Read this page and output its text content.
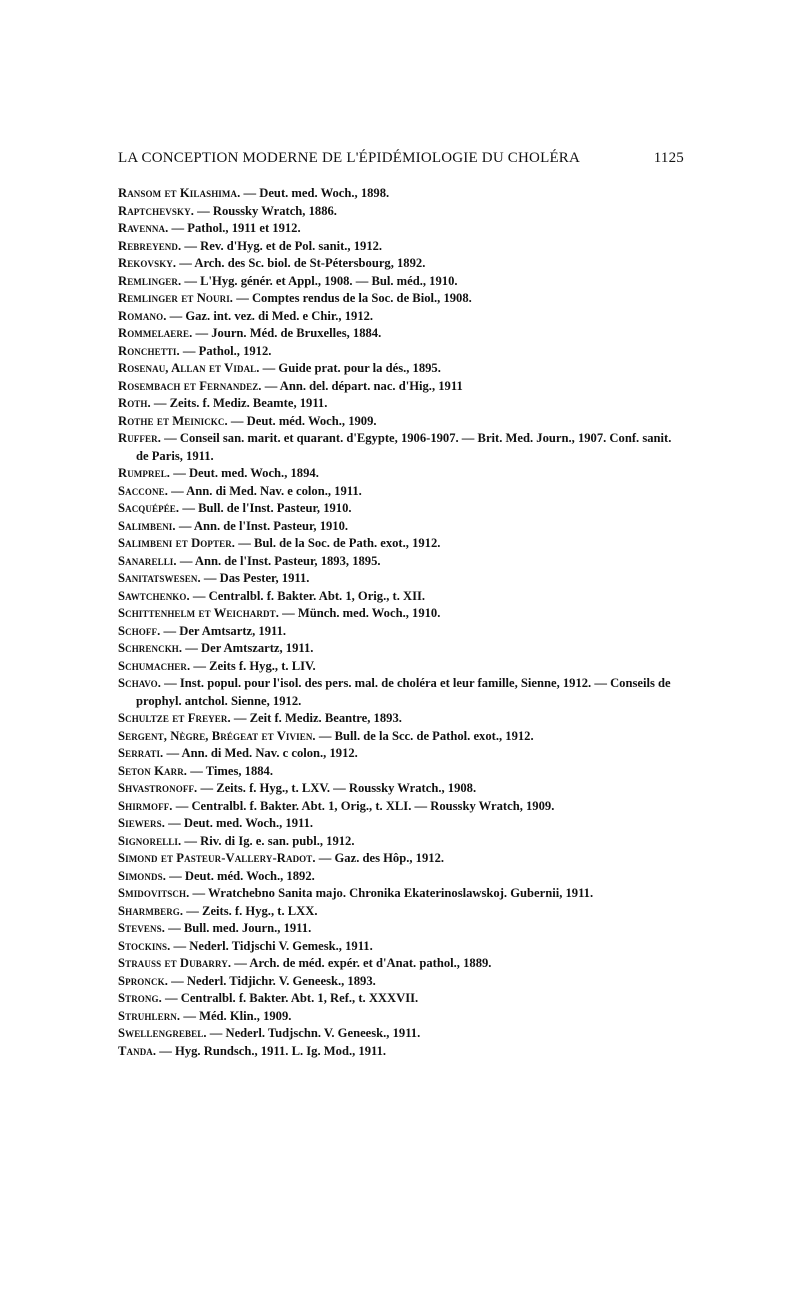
LA CONCEPTION MODERNE DE L'ÉPIDÉMIOLOGIE DU CHOLÉRA	1125
Ransom et Kilashima. — Deut. med. Woch., 1898.
Raptchevsky. — Roussky Wratch, 1886.
Ravenna. — Pathol., 1911 et 1912.
Rebreyend. — Rev. d'Hyg. et de Pol. sanit., 1912.
Rekovsky. — Arch. des Sc. biol. de St-Pétersbourg, 1892.
Remlinger. — L'Hyg. génér. et Appl., 1908. — Bul. méd., 1910.
Remlinger et Nouri. — Comptes rendus de la Soc. de Biol., 1908.
Romano. — Gaz. int. vez. di Med. e Chir., 1912.
Rommelaere. — Journ. Méd. de Bruxelles, 1884.
Ronchetti. — Pathol., 1912.
Rosenau, Allan et Vidal. — Guide prat. pour la dés., 1895.
Rosembach et Fernandez. — Ann. del. départ. nac. d'Hig., 1911
Roth. — Zeits. f. Mediz. Beamte, 1911.
Rothe et Meinickc. — Deut. méd. Woch., 1909.
Ruffer. — Conseil san. marit. et quarant. d'Egypte, 1906-1907. — Brit. Med. Journ., 1907. Conf. sanit. de Paris, 1911.
Rumprel. — Deut. med. Woch., 1894.
Saccone. — Ann. di Med. Nav. e colon., 1911.
Sacquépée. — Bull. de l'Inst. Pasteur, 1910.
Salimbeni. — Ann. de l'Inst. Pasteur, 1910.
Salimbeni et Dopter. — Bul. de la Soc. de Path. exot., 1912.
Sanarelli. — Ann. de l'Inst. Pasteur, 1893, 1895.
Sanitatswesen. — Das Pester, 1911.
Sawtchenko. — Centralbl. f. Bakter. Abt. 1, Orig., t. XII.
Schittenhelm et Weichardt. — Münch. med. Woch., 1910.
Schoff. — Der Amtsartz, 1911.
Schrenckh. — Der Amtszartz, 1911.
Schumacher. — Zeits f. Hyg., t. LIV.
Schavo. — Inst. popul. pour l'isol. des pers. mal. de choléra et leur famille, Sienne, 1912. — Conseils de prophyl. antchol. Sienne, 1912.
Schultze et Freyer. — Zeit f. Mediz. Beantre, 1893.
Sergent, Nègre, Brégeat et Vivien. — Bull. de la Scc. de Pathol. exot., 1912.
Serrati. — Ann. di Med. Nav. c colon., 1912.
Seton Karr. — Times, 1884.
Shvastronoff. — Zeits. f. Hyg., t. LXV. — Roussky Wratch., 1908.
Shirmoff. — Centralbl. f. Bakter. Abt. 1, Orig., t. XLI. — Roussky Wratch, 1909.
Siewers. — Deut. med. Woch., 1911.
Signorelli. — Riv. di Ig. e. san. publ., 1912.
Simond et Pasteur-Vallery-Radot. — Gaz. des Hôp., 1912.
Simonds. — Deut. méd. Woch., 1892.
Smidovitsch. — Wratchebno Sanita majo. Chronika Ekaterinoslawskoj. Gubernii, 1911.
Sharmberg. — Zeits. f. Hyg., t. LXX.
Stevens. — Bull. med. Journ., 1911.
Stockins. — Nederl. Tidjschi V. Gemesk., 1911.
Strauss et Dubarry. — Arch. de méd. expér. et d'Anat. pathol., 1889.
Spronck. — Nederl. Tidjichr. V. Geneesk., 1893.
Strong. — Centralbl. f. Bakter. Abt. 1, Ref., t. XXXVII.
Struhlern. — Méd. Klin., 1909.
Swellengrebel. — Nederl. Tudjschn. V. Geneesk., 1911.
Tanda. — Hyg. Rundsch., 1911. L. Ig. Mod., 1911.
